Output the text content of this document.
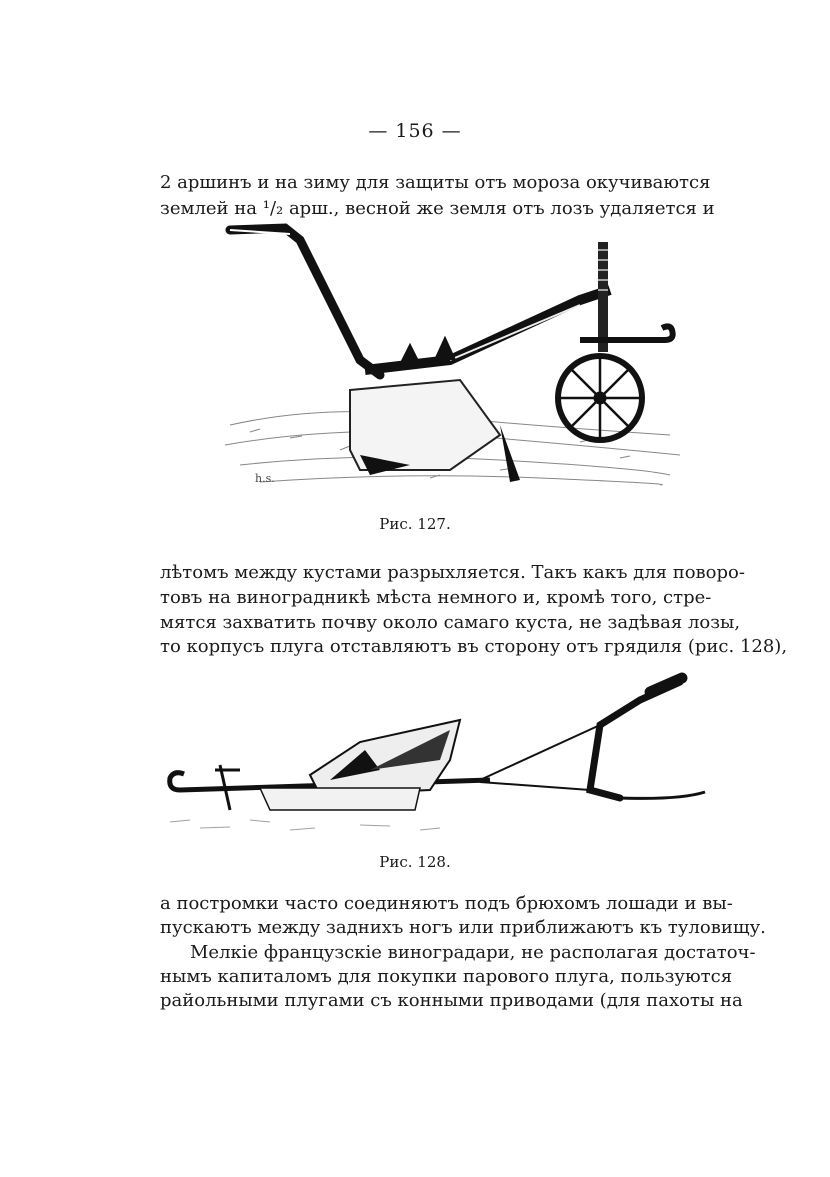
— 156 —
2 аршинъ и на зиму для защиты отъ мороза окучиваются
землей на ¹/₂ арш., весной же земля отъ лозъ удаляется и
h.s.
Рис. 127.
лѣтомъ между кустами разрыхляется. Такъ какъ для поворо-
товъ на виноградникѣ мѣста немного и, кромѣ того, стре-
мятся захватить почву около самаго куста, не задѣвая лозы,
то корпусъ плуга отставляютъ въ сторону отъ грядиля (рис. 128),
Рис. 128.
а постромки часто соединяютъ подъ брюхомъ лошади и вы-
пускаютъ между заднихъ ногъ или приближаютъ къ туловищу.
Мелкіе французскіе виноградари, не располагая достаточ-
нымъ капиталомъ для покупки парового плуга, пользуются
райольными плугами съ конными приводами (для пахоты на
